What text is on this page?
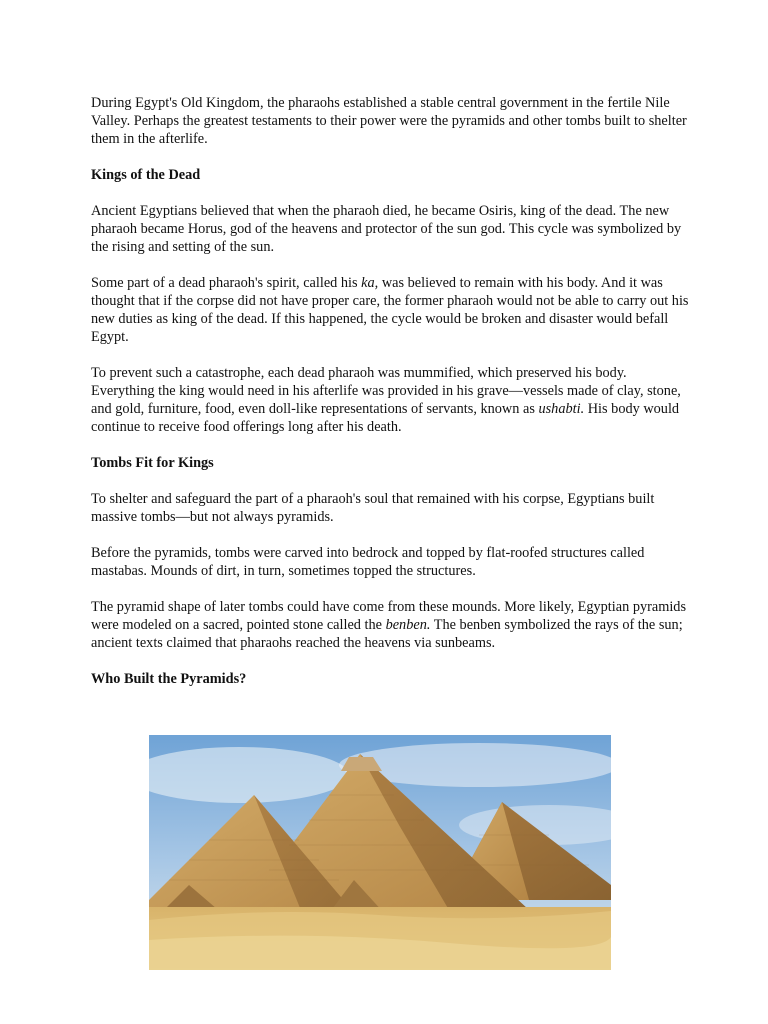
During Egypt's Old Kingdom, the pharaohs established a stable central government in the fertile Nile Valley. Perhaps the greatest testaments to their power were the pyramids and other tombs built to shelter them in the afterlife.

Kings of the Dead

Ancient Egyptians believed that when the pharaoh died, he became Osiris, king of the dead. The new pharaoh became Horus, god of the heavens and protector of the sun god. This cycle was symbolized by the rising and setting of the sun.

Some part of a dead pharaoh's spirit, called his ka, was believed to remain with his body. And it was thought that if the corpse did not have proper care, the former pharaoh would not be able to carry out his new duties as king of the dead. If this happened, the cycle would be broken and disaster would befall Egypt.

To prevent such a catastrophe, each dead pharaoh was mummified, which preserved his body. Everything the king would need in his afterlife was provided in his grave—vessels made of clay, stone, and gold, furniture, food, even doll-like representations of servants, known as ushabti. His body would continue to receive food offerings long after his death.

Tombs Fit for Kings

To shelter and safeguard the part of a pharaoh's soul that remained with his corpse, Egyptians built massive tombs—but not always pyramids.

Before the pyramids, tombs were carved into bedrock and topped by flat-roofed structures called mastabas. Mounds of dirt, in turn, sometimes topped the structures.

The pyramid shape of later tombs could have come from these mounds. More likely, Egyptian pyramids were modeled on a sacred, pointed stone called the benben. The benben symbolized the rays of the sun; ancient texts claimed that pharaohs reached the heavens via sunbeams.

Who Built the Pyramids?
